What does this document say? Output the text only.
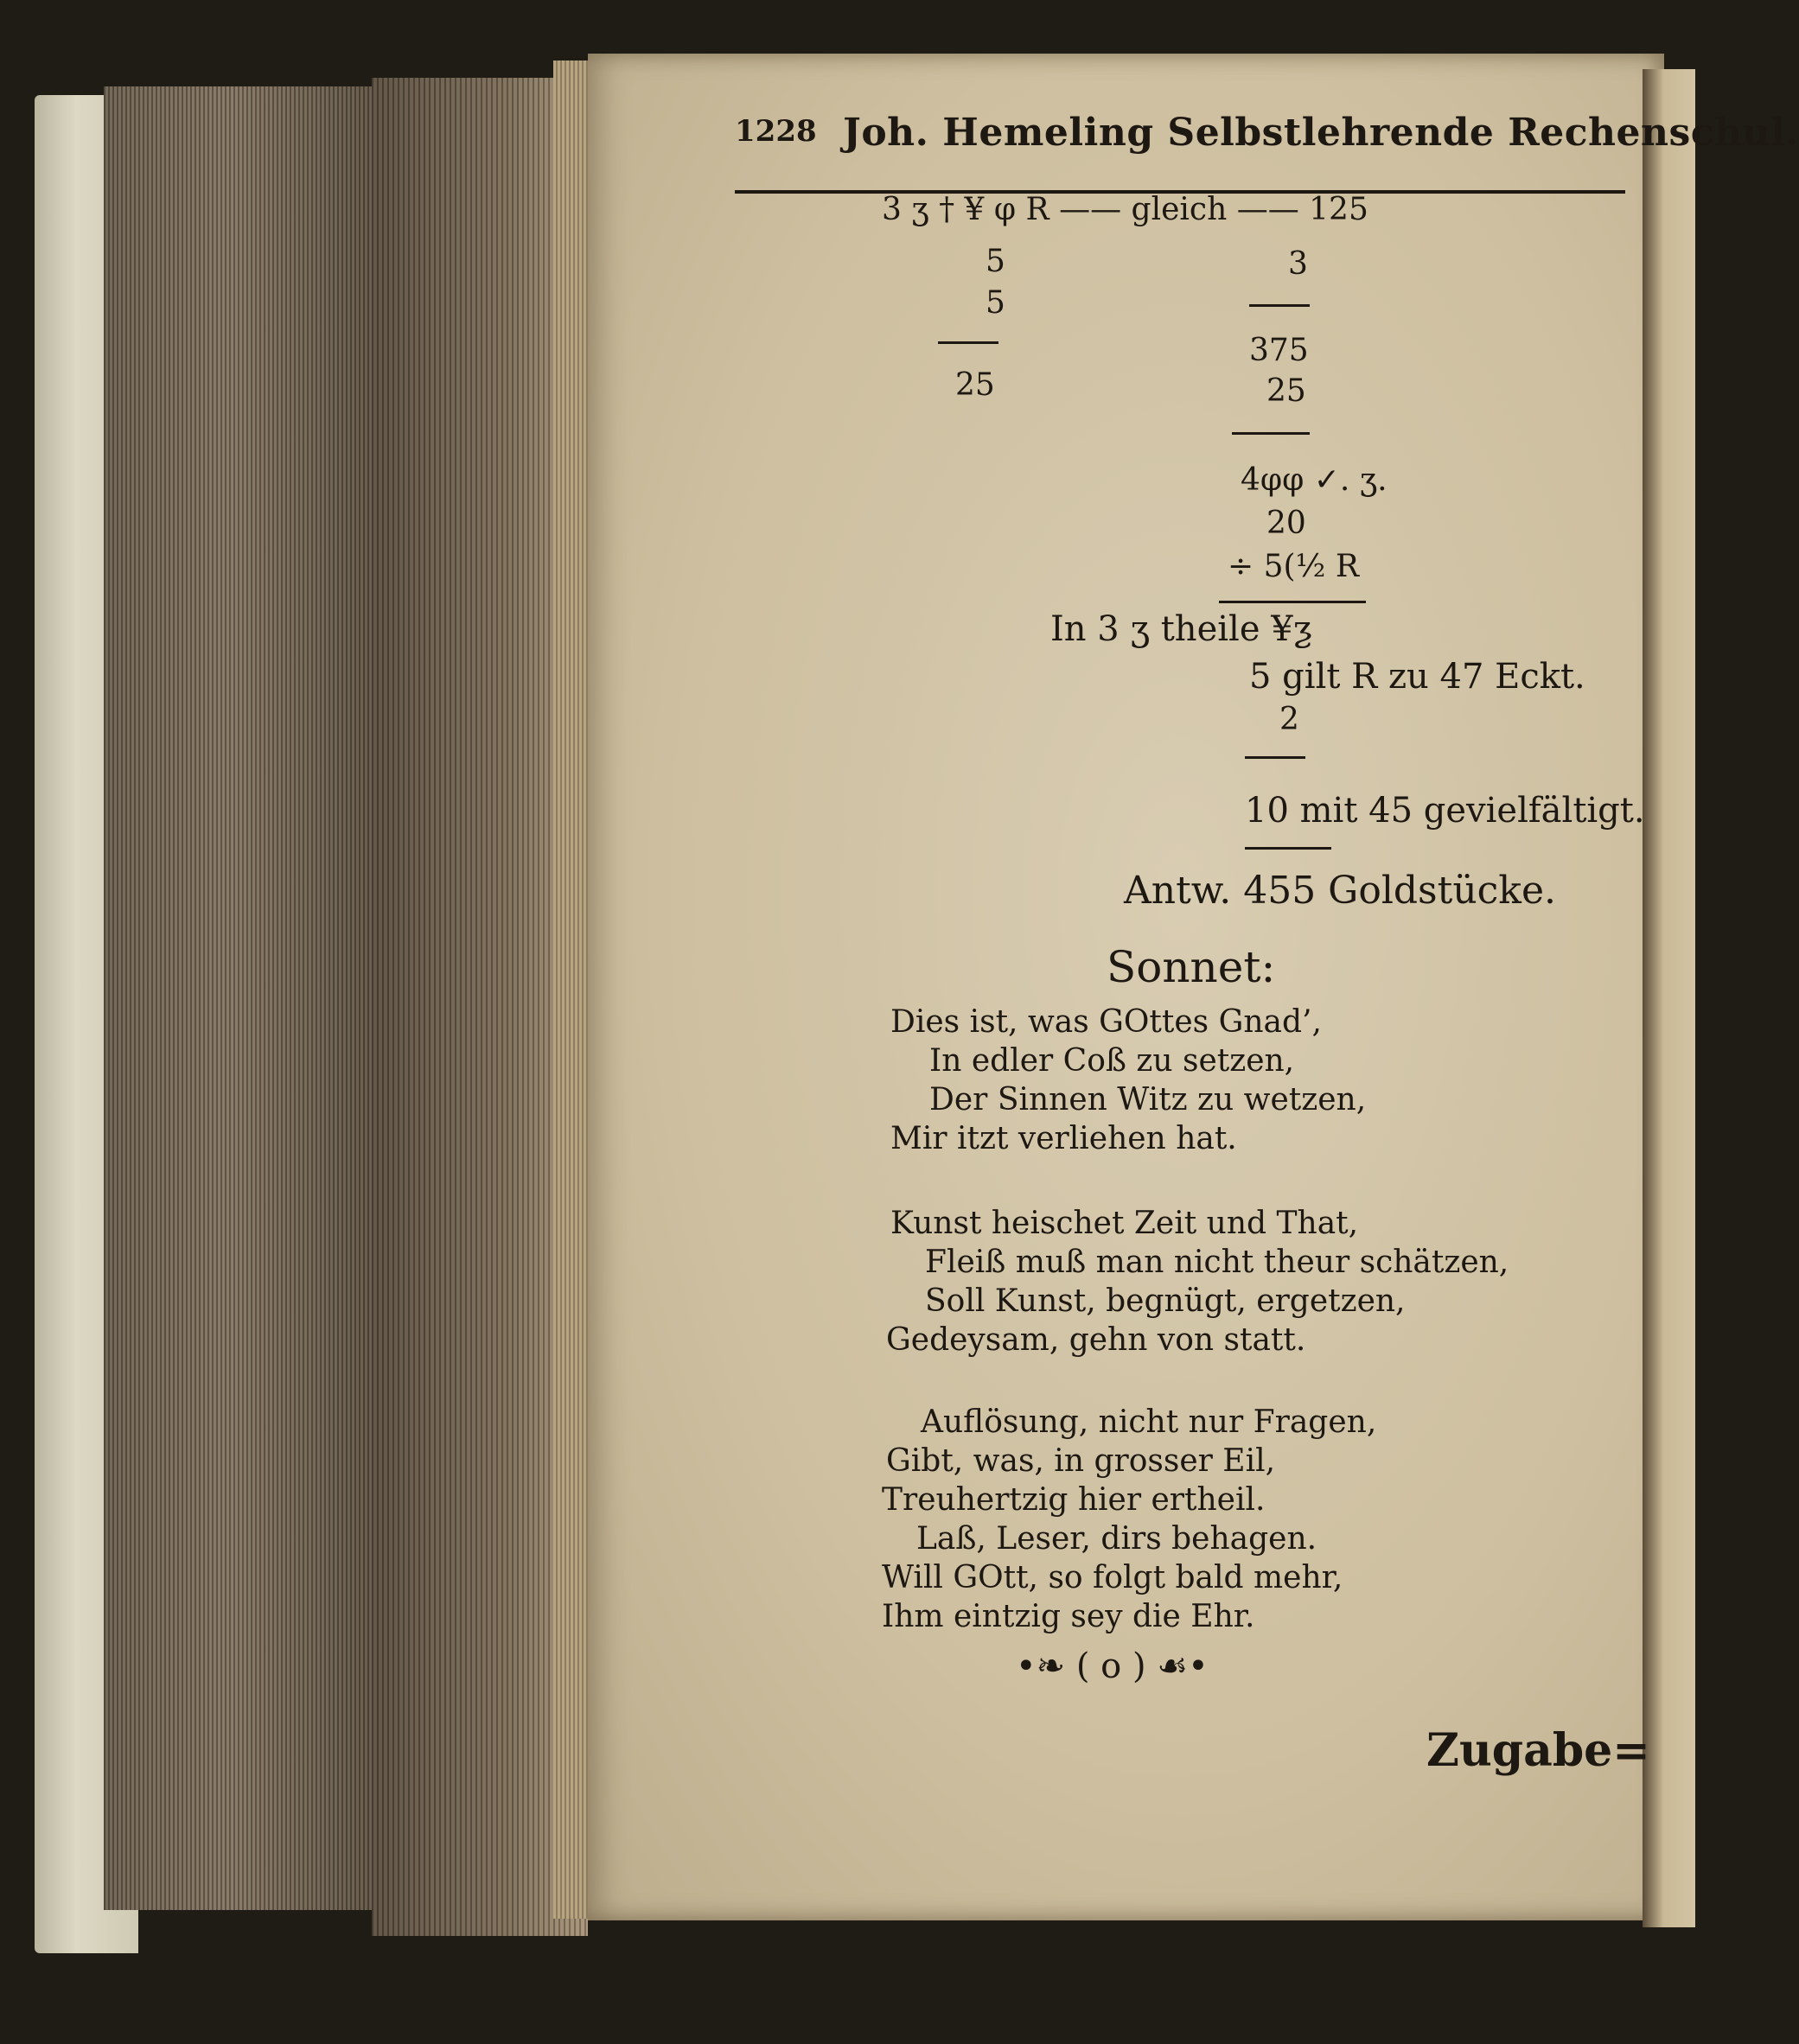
1228 Joh. Hemeling Selbstlehrende Rechenschul.
3 ʒ † ¥ φ R —— gleich —— 125
5
5
25
3
375
25
4φφ ✓. ʒ.
20
÷ 5(½ R
In 3 ʒ theile ¥ƺ
5 gilt R zu 47 Eckt.
2
10 mit 45 gevielfältigt.
Antw. 455 Goldstücke.
Sonnet:
Dies ist, was GOttes Gnad’,
In edler Coß zu setzen,
Der Sinnen Witz zu wetzen,
Mir itzt verliehen hat.
Kunst heischet Zeit und That,
Fleiß muß man nicht theur schätzen,
Soll Kunst, begnügt, ergetzen,
Gedeysam, gehn von statt.
Auflösung, nicht nur Fragen,
Gibt, was, in grosser Eil,
Treuhertzig hier ertheil.
Laß, Leser, dirs behagen.
Will GOtt, so folgt bald mehr,
Ihm eintzig sey die Ehr.
•❧ ( o ) ☙•
Zugabe=
